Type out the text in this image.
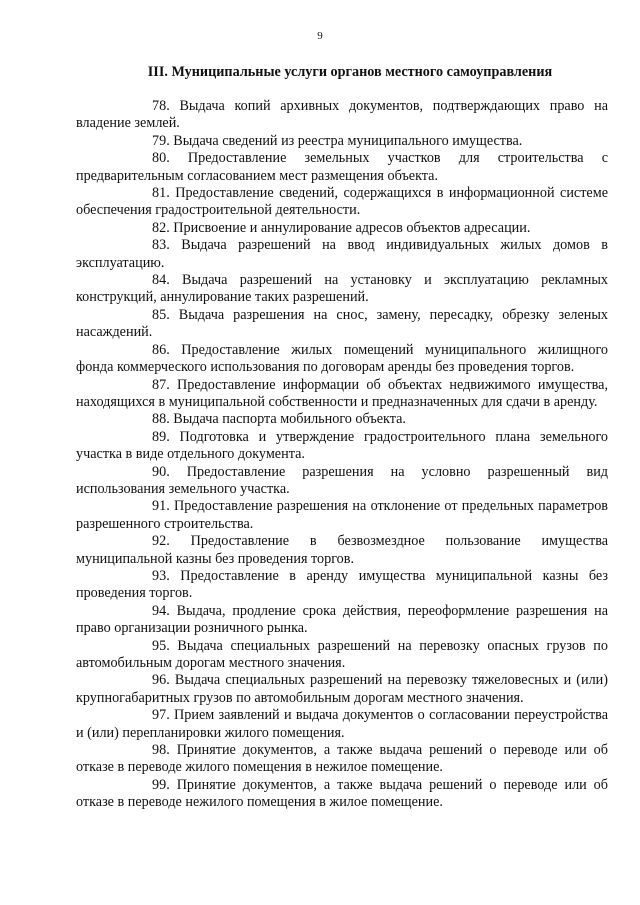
9
III. Муниципальные услуги органов местного самоуправления

78. Выдача копий архивных документов, подтверждающих право на владение землей.

79. Выдача сведений из реестра муниципального имущества.

80. Предоставление земельных участков для строительства с предварительным согласованием мест размещения объекта.

81. Предоставление сведений, содержащихся в информационной системе обеспечения градостроительной деятельности.

82. Присвоение и аннулирование адресов объектов адресации.

83. Выдача разрешений на ввод индивидуальных жилых домов в эксплуатацию.

84. Выдача разрешений на установку и эксплуатацию рекламных конструкций, аннулирование таких разрешений.

85. Выдача разрешения на снос, замену, пересадку, обрезку зеленых насаждений.

86. Предоставление жилых помещений муниципального жилищного фонда коммерческого использования по договорам аренды без проведения торгов.

87. Предоставление информации об объектах недвижимого имущества, находящихся в муниципальной собственности и предназначенных для сдачи в аренду.

88. Выдача паспорта мобильного объекта.

89. Подготовка и утверждение градостроительного плана земельного участка в виде отдельного документа.

90. Предоставление разрешения на условно разрешенный вид использования земельного участка.

91. Предоставление разрешения на отклонение от предельных параметров разрешенного строительства.

92. Предоставление в безвозмездное пользование имущества муниципальной казны без проведения торгов.

93. Предоставление в аренду имущества муниципальной казны без проведения торгов.

94. Выдача, продление срока действия, переоформление разрешения на право организации розничного рынка.

95. Выдача специальных разрешений на перевозку опасных грузов по автомобильным дорогам местного значения.

96. Выдача специальных разрешений на перевозку тяжеловесных и (или) крупногабаритных грузов по автомобильным дорогам местного значения.

97. Прием заявлений и выдача документов о согласовании переустройства и (или) перепланировки жилого помещения.

98. Принятие документов, а также выдача решений о переводе или об отказе в переводе жилого помещения в нежилое помещение.

99. Принятие документов, а также выдача решений о переводе или об отказе в переводе нежилого помещения в жилое помещение.
